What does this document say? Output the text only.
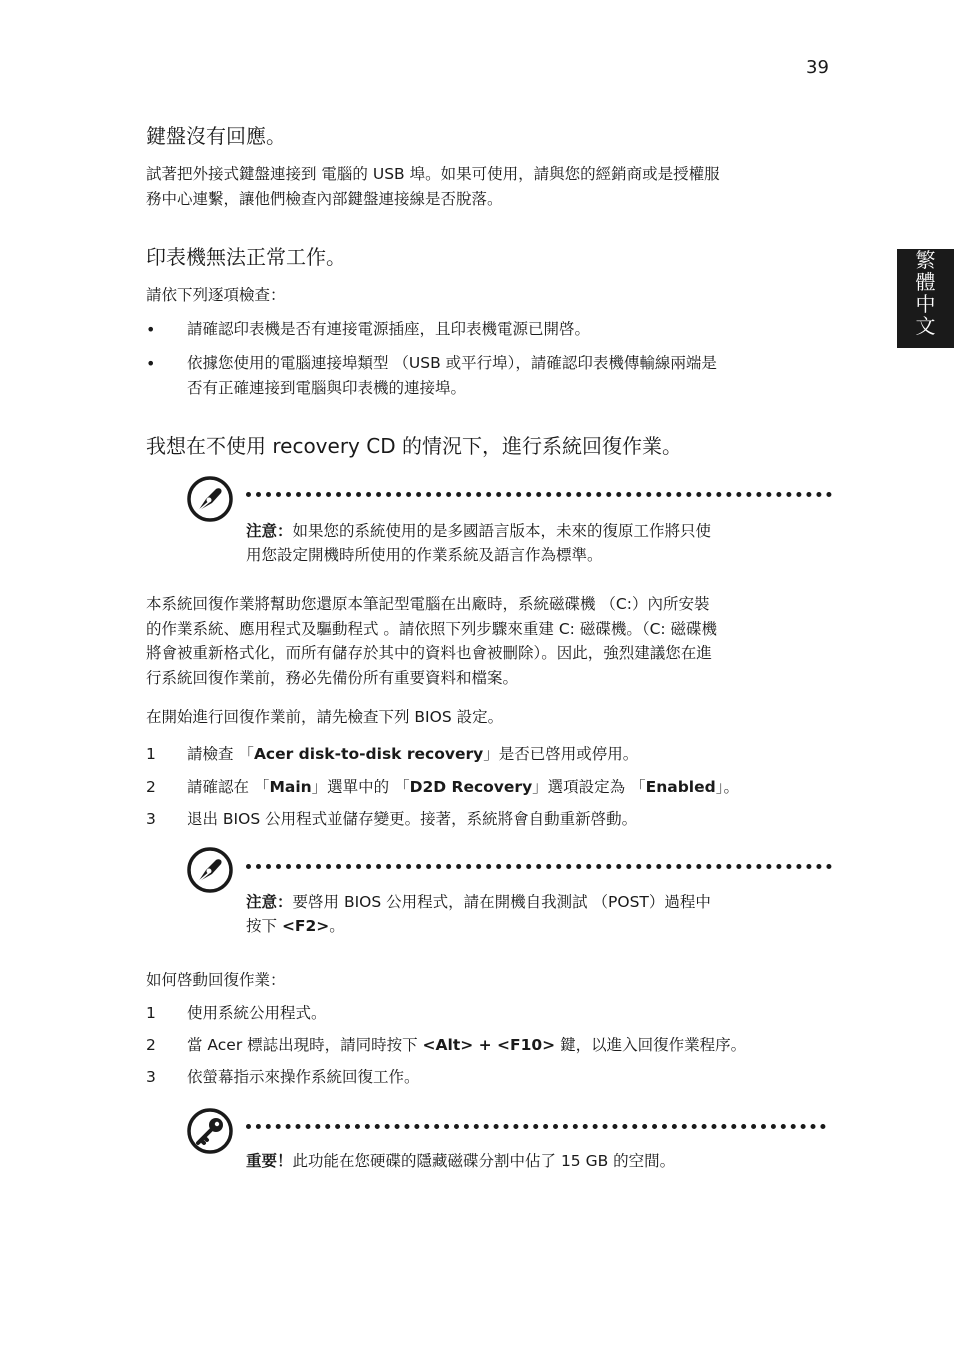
39
繁
體
中
文
鍵盤沒有回應。
試著把外接式鍵盤連接到 電腦的 USB 埠。如果可使用，請與您的經銷商或是授權服
務中心連繫，讓他們檢查內部鍵盤連接線是否脫落。
印表機無法正常工作。
請依下列逐項檢查：
• 請確認印表機是否有連接電源插座，且印表機電源已開啓。
• 依據您使用的電腦連接埠類型 （USB 或平行埠），請確認印表機傳輸線兩端是
否有正確連接到電腦與印表機的連接埠。
我想在不使用 recovery CD 的情況下，進行系統回復作業。
注意：如果您的系統使用的是多國語言版本，未來的復原工作將只使
用您設定開機時所使用的作業系統及語言作為標準。
本系統回復作業將幫助您還原本筆記型電腦在出廠時，系統磁碟機 （C:）內所安裝
的作業系統、應用程式及驅動程式 。請依照下列步驟來重建 C: 磁碟機。（C: 磁碟機
將會被重新格式化，而所有儲存於其中的資料也會被刪除）。因此，強烈建議您在進
行系統回復作業前，務必先備份所有重要資料和檔案。
在開始進行回復作業前，請先檢查下列 BIOS 設定。
1 請檢查 「Acer disk-to-disk recovery」是否已啓用或停用。
2 請確認在 「Main」選單中的 「D2D Recovery」選項設定為 「Enabled」。
3 退出 BIOS 公用程式並儲存變更。接著，系統將會自動重新啓動。
注意：要啓用 BIOS 公用程式，請在開機自我測試 （POST）過程中
按下 <F2>。
如何啓動回復作業：
1 使用系統公用程式。
2 當 Acer 標誌出現時，請同時按下 <Alt> + <F10> 鍵，以進入回復作業程序。
3 依螢幕指示來操作系統回復工作。
重要！此功能在您硬碟的隱藏磁碟分割中佔了 15 GB 的空間。
